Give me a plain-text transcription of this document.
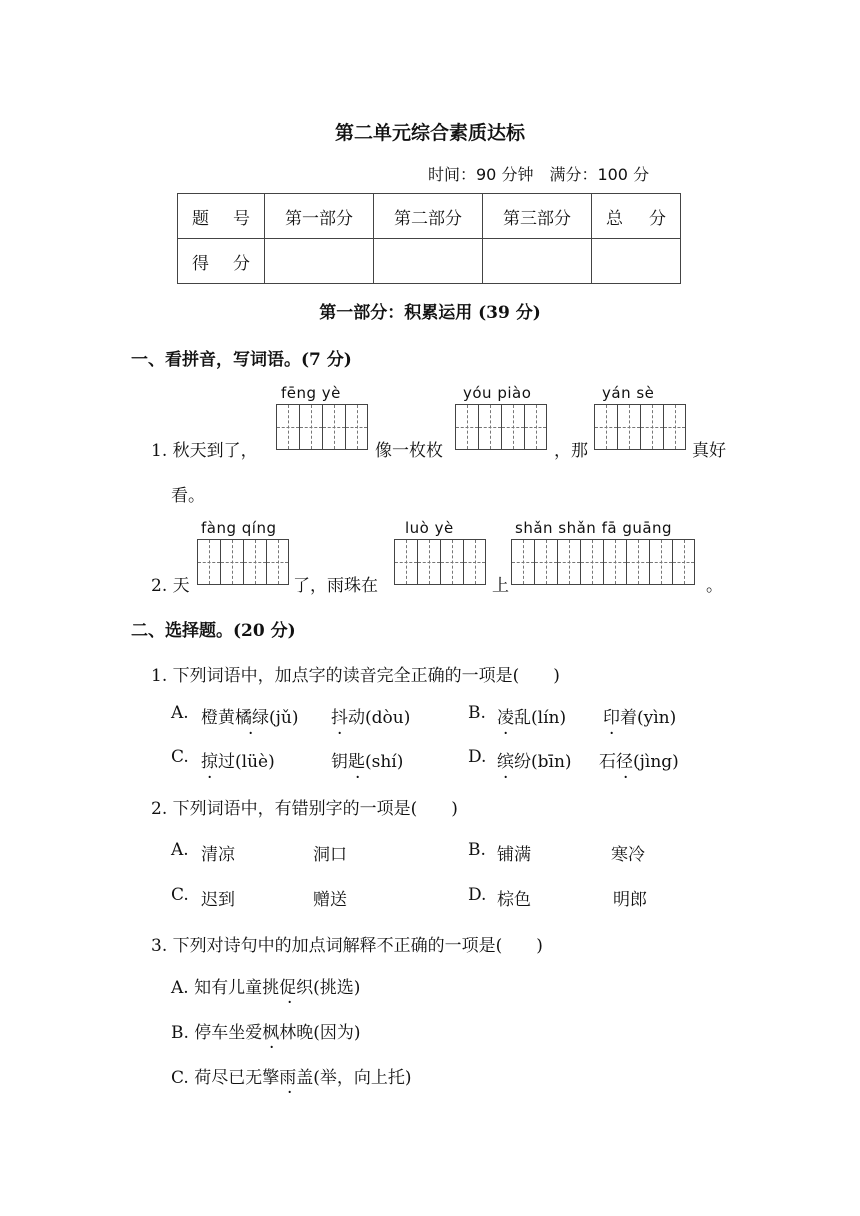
第二单元综合素质达标
时间：90 分钟　满分：100 分
题　号	第一部分	第二部分	第三部分	总　分
得　分				
第一部分：积累运用 (39 分)
一、看拼音，写词语。(7 分)
fēng yè	yóu piào	yán sè
1. 秋天到了，	像一枚枚	，那	真好
看。
fàng qíng	luò yè	shǎn shǎn fā guāng
2. 天	了，雨珠在	上	。
二、选择题。(20 分)
1. 下列词语中，加点字的读音完全正确的一项是(　　)
A. 橙黄橘绿(jǔ) 抖动(dòu)	B. 凌乱(lín) 印着(yìn)
C. 掠过(lüè)	钥匙(shí)	D. 缤纷(bīn) 石径(jìng)
·	·	·	·
·	·	·	·
2. 下列词语中，有错别字的一项是(　　)
A. 清凉	洞口	B. 铺满	寒冷
C. 迟到	赠送	D. 棕色	明郎
3. 下列对诗句中的加点词解释不正确的一项是(　　)
A. 知有儿童挑促织(挑选)
B. 停车坐爱枫林晚(因为)
C. 荷尽已无擎雨盖(举，向上托)
·
·
·
